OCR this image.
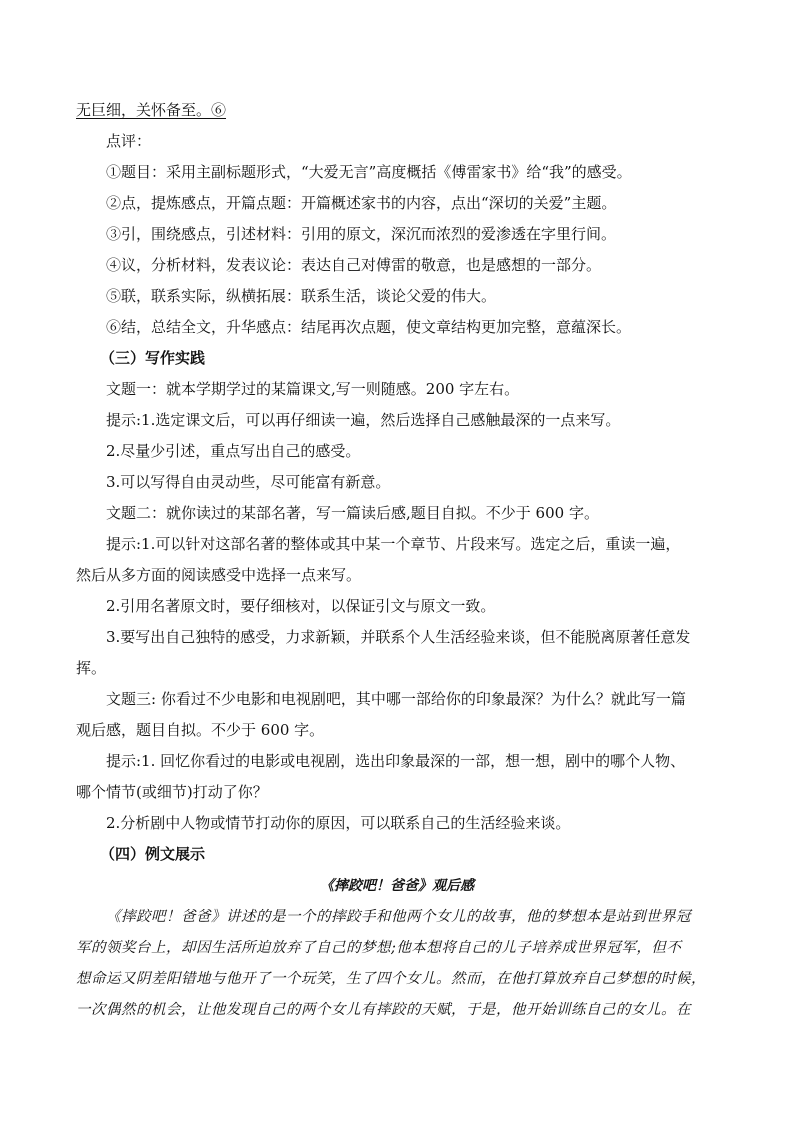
无巨细，关怀备至。⑥
点评：
①题目：采用主副标题形式，“大爱无言”高度概括《傅雷家书》给“我”的感受。
②点，提炼感点，开篇点题：开篇概述家书的内容，点出“深切的关爱”主题。
③引，围绕感点，引述材料：引用的原文，深沉而浓烈的爱渗透在字里行间。
④议，分析材料，发表议论：表达自己对傅雷的敬意，也是感想的一部分。
⑤联，联系实际，纵横拓展：联系生活，谈论父爱的伟大。
⑥结，总结全文，升华感点：结尾再次点题，使文章结构更加完整，意蕴深长。
（三）写作实践
文题一：就本学期学过的某篇课文,写一则随感。200 字左右。
提示:1.选定课文后，可以再仔细读一遍，然后选择自己感触最深的一点来写。
2.尽量少引述，重点写出自己的感受。
3.可以写得自由灵动些，尽可能富有新意。
文题二：就你读过的某部名著，写一篇读后感,题目自拟。不少于 600 字。
提示:1.可以针对这部名著的整体或其中某一个章节、片段来写。选定之后，重读一遍，
然后从多方面的阅读感受中选择一点来写。
2.引用名著原文时，要仔细核对，以保证引文与原文一致。
3.要写出自己独特的感受，力求新颖，并联系个人生活经验来谈，但不能脱离原著任意发
挥。
文题三: 你看过不少电影和电视剧吧，其中哪一部给你的印象最深？为什么？就此写一篇
观后感，题目自拟。不少于 600 字。
提示:1. 回忆你看过的电影或电视剧，选出印象最深的一部，想一想，剧中的哪个人物、
哪个情节(或细节)打动了你？
2.分析剧中人物或情节打动你的原因，可以联系自己的生活经验来谈。
（四）例文展示
《摔跤吧！爸爸》观后感
《摔跤吧！爸爸》讲述的是一个的摔跤手和他两个女儿的故事，他的梦想本是站到世界冠
军的领奖台上，却因生活所迫放弃了自己的梦想;他本想将自己的儿子培养成世界冠军，但不
想命运又阴差阳错地与他开了一个玩笑，生了四个女儿。然而，在他打算放弃自己梦想的时候，
一次偶然的机会，让他发现自己的两个女儿有摔跤的天赋，于是，他开始训练自己的女儿。在
